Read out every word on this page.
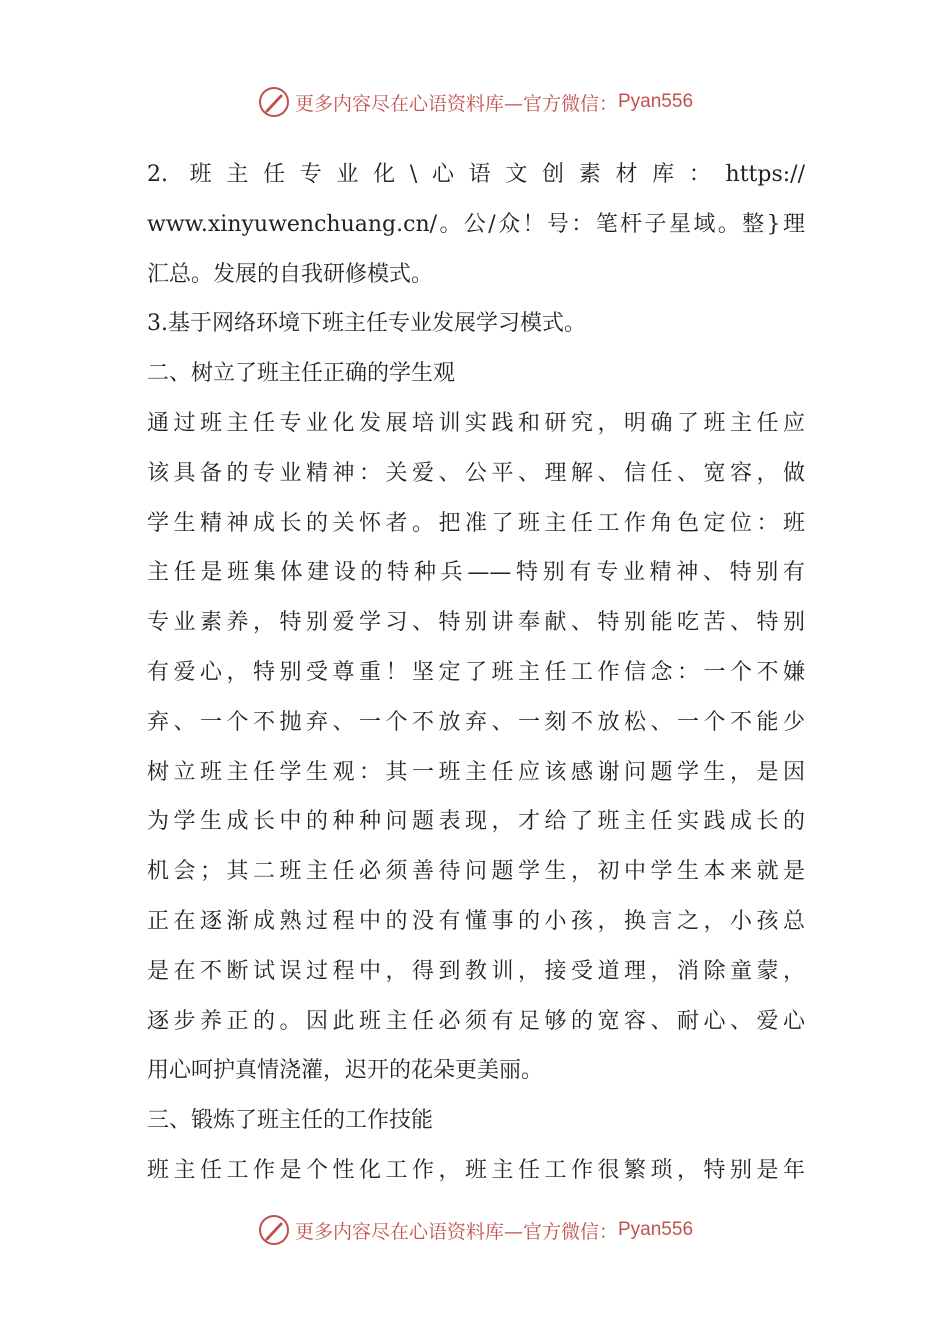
更多内容尽在心语资料库—官方微信： Pyan556
2. 班主任专业化\心语文创素材库：https://
www.xinyuwenchuang.cn/。公/众！号：笔杆子星域。整}理
汇总。发展的自我研修模式。
3.基于网络环境下班主任专业发展学习模式。
二、树立了班主任正确的学生观
通过班主任专业化发展培训实践和研究，明确了班主任应
该具备的专业精神：关爱、公平、理解、信任、宽容，做
学生精神成长的关怀者。把准了班主任工作角色定位：班
主任是班集体建设的特种兵——特别有专业精神、特别有
专业素养，特别爱学习、特别讲奉献、特别能吃苦、特别
有爱心，特别受尊重！坚定了班主任工作信念：一个不嫌
弃、一个不抛弃、一个不放弃、一刻不放松、一个不能少
树立班主任学生观：其一班主任应该感谢问题学生，是因
为学生成长中的种种问题表现，才给了班主任实践成长的
机会；其二班主任必须善待问题学生，初中学生本来就是
正在逐渐成熟过程中的没有懂事的小孩，换言之，小孩总
是在不断试误过程中，得到教训，接受道理，消除童蒙，
逐步养正的。因此班主任必须有足够的宽容、耐心、爱心
用心呵护真情浇灌，迟开的花朵更美丽。
三、锻炼了班主任的工作技能
班主任工作是个性化工作，班主任工作很繁琐，特别是年
更多内容尽在心语资料库—官方微信： Pyan556
